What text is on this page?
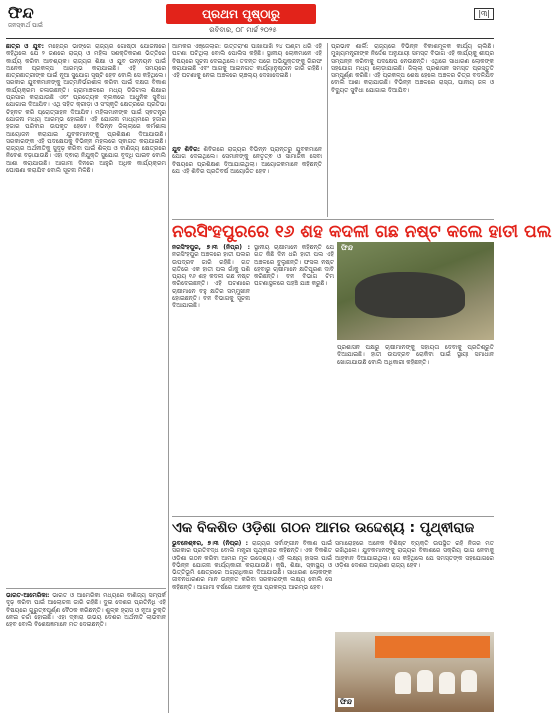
ଫିନ୍ଦ
ଜନସ୍ଵାର୍ଥ ପାଇଁ
ପ୍ରଥମ ପୃଷ୍ଠାରୁ
ରବିବାର, ୦୮ ମାର୍ଚ୍ଚ ୨୦୨୫
|୩|

ଛାତ୍ର ଓ ଯୁବ: ମହେନ୍ଦ୍ର ଭାଙ୍ଗେ ରାଜ୍ୟର ଗୋଷ୍ଠୀ ଯୋଜନାରେ କହିଥିଲେ ଯେ ୨ ଜଣରେ ରାଜ୍ୟ ଓ ମହିଳା ସଶକ୍ତିକରଣ ଭିତ୍ତିରେ କାର୍ଯ୍ୟ କରିବା ଆବଶ୍ୟକ। ରାଜ୍ୟର ଶିକ୍ଷା ଓ ଯୁବ ଉନ୍ନୟନ ପାଇଁ ଅନେକ ପ୍ରକଳ୍ପ ଆରମ୍ଭ କରାଯାଇଛି। ଏହି ସମୟରେ ଛାତ୍ରଛାତ୍ରୀଙ୍କ ପାଇଁ ନୂଆ ସୁଯୋଗ ସୃଷ୍ଟି ହେବ ବୋଲି ସେ କହିଥିଲେ। ସରକାର ଯୁବକମାନଙ୍କୁ ଆତ୍ମନିର୍ଭରଶୀଳ କରିବା ପାଇଁ ଦକ୍ଷତା ବିକାଶ କାର୍ଯ୍ୟକ୍ରମ ଚଳାଉଛନ୍ତି। ଗ୍ରାମାଞ୍ଚଳରେ ମଧ୍ୟ ଡିଜିଟାଲ ଶିକ୍ଷାର ପ୍ରସାର କରାଯାଉଛି ଏବଂ ପ୍ରତ୍ୟେକ ବ୍ଲକରେ ଆଧୁନିକ ସୁବିଧା ଯୋଗାଇ ଦିଆଯିବ। ଏଥି ସହିତ କ୍ରୀଡ଼ା ଓ ସଂସ୍କୃତି କ୍ଷେତ୍ରରେ ପ୍ରତିଭା ଚିହ୍ନଟ କରି ପ୍ରୋତ୍ସାହନ ଦିଆଯିବ। ମହିଳାମାନଙ୍କ ପାଇଁ ସ୍ଵତନ୍ତ୍ର ଯୋଜନା ମଧ୍ୟ ଆରମ୍ଭ ହୋଇଛି। ଏହି ଯୋଜନା ମାଧ୍ୟମରେ ହଜାର ହଜାର ପରିବାର ଉପକୃତ ହେବେ। ବିଭିନ୍ନ ଜିଲ୍ଲାରେ କର୍ମଶାଳା ଆୟୋଜନ କରାଯାଇ ଯୁବକମାନଙ୍କୁ ପ୍ରଶିକ୍ଷଣ ଦିଆଯାଉଛି। ସରକାରଙ୍କ ଏହି ପଦକ୍ଷେପକୁ ବିଭିନ୍ନ ମହଲରେ ସ୍ଵାଗତ କରାଯାଇଛି। ରାଜ୍ୟର ଅର୍ଥନୀତିକୁ ସୁଦୃଢ଼ କରିବା ପାଇଁ ଶିଳ୍ପ ଓ ବାଣିଜ୍ୟ କ୍ଷେତ୍ରରେ ନିବେଶ ବଢ଼ାଯାଉଛି। ଏହା ଦ୍ଵାରା ନିଯୁକ୍ତି ସୁଯୋଗ ବୃଦ୍ଧି ପାଇବ ବୋଲି ଆଶା କରାଯାଉଛି। ଆଗାମୀ ଦିନରେ ଆହୁରି ଅଧିକ କାର୍ଯ୍ୟକ୍ରମ ଘୋଷଣା କରାଯିବ ବୋଲି ସୂଚନା ମିଳିଛି।

ଭାରତ-ଆମେରିକା: ଭାରତ ଓ ଆମେରିକା ମଧ୍ୟରେ ବାଣିଜ୍ୟ ସମ୍ପର୍କ ଦୃଢ଼ କରିବା ପାଇଁ ଆଲୋଚନା ଜାରି ରହିଛି। ଦୁଇ ଦେଶର ପ୍ରତିନିଧି ଏହି ବିଷୟରେ ଗୁରୁତ୍ଵପୂର୍ଣ୍ଣ ବୈଠକ କରିଛନ୍ତି। ଶୁଳ୍କ ହ୍ରାସ ଓ ନୂଆ ଚୁକ୍ତି ନେଇ ଚର୍ଚ୍ଚା ହୋଇଛି। ଏହା ଦ୍ଵାରା ଉଭୟ ଦେଶର ଅର୍ଥନୀତି ଲାଭବାନ ହେବ ବୋଲି ବିଶେଷଜ୍ଞମାନେ ମତ ଦେଇଛନ୍ତି।

ଆମକର ଏଞ୍ଜେଲାର: ଉତ୍ତରାଂଶ ପାଖାପାଖି ୨୪ ଘଣ୍ଟା ଧରି ଏହି ଘଟଣା ଘଟିଥିଲା ବୋଲି ପୋଲିସ କହିଛି। ସ୍ଥାନୀୟ ଲୋକମାନେ ଏହି ବିଷୟରେ ସୂଚନା ଦେଇଥିଲେ। ତଦନ୍ତ ପରେ ଅଭିଯୁକ୍ତଙ୍କୁ ଗିରଫ କରାଯାଇଛି ଏବଂ ଆଗକୁ ଆଇନଗତ କାର୍ଯ୍ୟାନୁଷ୍ଠାନ ଜାରି ରହିଛି। ଏହି ଘଟଣାକୁ ନେଇ ଅଞ୍ଚଳରେ ଚାଞ୍ଚଲ୍ୟ ଦେଖାଦେଇଛି।
ଯୁବ ଶିବିର: ଶିବିରରେ ରାଜ୍ୟର ବିଭିନ୍ନ ପ୍ରାନ୍ତରୁ ଯୁବକମାନେ ଯୋଗ ଦେଇଥିଲେ। ସେମାନଙ୍କୁ ନେତୃତ୍ଵ ଓ ସାମାଜିକ ସେବା ବିଷୟରେ ପ୍ରଶିକ୍ଷଣ ଦିଆଯାଇଥିଲା। ଆୟୋଜକମାନେ କହିଛନ୍ତି ଯେ ଏହି ଶିବିର ପ୍ରତିବର୍ଷ ଆୟୋଜିତ ହେବ।
ପ୍ରଭାବ ଶାର୍ଲି: ରାଜ୍ୟରେ ବିଭିନ୍ନ ବିକାଶମୂଳକ କାର୍ଯ୍ୟ ଚାଲିଛି। ମୁଖ୍ୟମନ୍ତ୍ରୀଙ୍କ ନିର୍ଦ୍ଦେଶ ଅନୁଯାୟୀ ସମସ୍ତ ବିଭାଗ ଏହି କାର୍ଯ୍ୟକୁ ଶୀଘ୍ର ସମ୍ପନ୍ନ କରିବାକୁ ପଦକ୍ଷେପ ନେଉଛନ୍ତି। ଏଥିରେ ସାଧାରଣ ଲୋକଙ୍କ ସହଯୋଗ ମଧ୍ୟ ଲୋଡ଼ାଯାଇଛି। ଜିଲ୍ଲା ପ୍ରଶାସନ ସମସ୍ତ ପ୍ରସ୍ତୁତି ସମ୍ପୂର୍ଣ୍ଣ କରିଛି। ଏହି ପ୍ରକଳ୍ପ ଶେଷ ହେଲେ ଅଞ୍ଚଳର ଚିତ୍ର ବଦଳିଯିବ ବୋଲି ଆଶା କରାଯାଉଛି। ବିଭିନ୍ନ ଅଞ୍ଚଳରେ ରାସ୍ତା, ପାନୀୟ ଜଳ ଓ ବିଦ୍ୟୁତ ସୁବିଧା ଯୋଗାଇ ଦିଆଯିବ।
ନରସିଂହପୁରରେ ୧୬ ଶହ କଦଳୀ ଗଛ ନଷ୍ଟ କଲେ ହାତୀ ପଲ
ନରସିଂହପୁର, ୭।୩ (ନିପ୍ର) : ନରସିଂହପୁର ଅଞ୍ଚଳରେ ହାତୀ ପଲର ଉପଦ୍ରବ ଜାରି ରହିଛି। ଗତ ରାତିରେ ଏକ ହାତୀ ପଲ ଗାଁକୁ ପଶି ପ୍ରାୟ ୧୬ ଶହ କଦଳୀ ଗଛ ନଷ୍ଟ କରିଦେଇଛନ୍ତି। ଏହି ଘଟଣାରେ ଚାଷୀମାନେ ବହୁ କ୍ଷତିର ସମ୍ମୁଖୀନ ହୋଇଛନ୍ତି। ବନ ବିଭାଗକୁ ସୂଚନା ଦିଆଯାଇଛି।
ସ୍ଥାନୀୟ ଚାଷୀମାନେ କହିଛନ୍ତି ଯେ ଗତ କିଛି ଦିନ ଧରି ହାତୀ ପଲ ଏହି ଅଞ୍ଚଳରେ ବୁଲୁଛନ୍ତି। ଫସଲ ନଷ୍ଟ ହେବାରୁ ଚାଷୀମାନେ କ୍ଷତିପୂରଣ ଦାବି କରିଛନ୍ତି। ବନ ବିଭାଗ ଟିମ ଘଟଣାସ୍ଥଳରେ ପହଞ୍ଚି ଯାଞ୍ଚ କରୁଛି।
ଫିନ୍ଦ
ପ୍ରଶାସନ ପକ୍ଷରୁ ଚାଷୀମାନଙ୍କୁ ସହାୟତା ଦେବାକୁ ପ୍ରତିଶ୍ରୁତି ଦିଆଯାଇଛି। ହାତୀ ଉପଦ୍ରବ ରୋକିବା ପାଇଁ ସ୍ଥାୟୀ ସମାଧାନ ଖୋଜାଯାଉଛି ବୋଲି ଅଧିକାରୀ କହିଛନ୍ତି।
ଏକ ବିକଶିତ ଓଡ଼ିଶା ଗଠନ ଆମର ଉଦ୍ଦେଶ୍ୟ : ପୃଥ୍ଵୀରାଜ
ଭୁବନେଶ୍ଵର, ୭।୩ (ନିପ୍ର) : ରାଜ୍ୟର ସର୍ବାଙ୍ଗୀନ ବିକାଶ ପାଇଁ ସରକାର ପ୍ରତିବଦ୍ଧ ବୋଲି ମନ୍ତ୍ରୀ ପୃଥ୍ଵୀରାଜ କହିଛନ୍ତି। ଏକ ବିକଶିତ ଓଡ଼ିଶା ଗଠନ କରିବା ଆମର ମୂଳ ଉଦ୍ଦେଶ୍ୟ। ଏହି ଲକ୍ଷ୍ୟ ହାସଲ ପାଇଁ ବିଭିନ୍ନ ଯୋଜନା କାର୍ଯ୍ୟକାରୀ କରାଯାଉଛି। କୃଷି, ଶିକ୍ଷା, ସ୍ଵାସ୍ଥ୍ୟ ଓ ଭିତ୍ତିଭୂମି କ୍ଷେତ୍ରରେ ଅଗ୍ରାଧିକାର ଦିଆଯାଉଛି। ସାଧାରଣ ଲୋକଙ୍କ ଜୀବନଧାରଣର ମାନ ଉନ୍ନତ କରିବା ସରକାରଙ୍କ ଲକ୍ଷ୍ୟ ବୋଲି ସେ କହିଛନ୍ତି। ଆଗାମୀ ବର୍ଷରେ ଅନେକ ନୂଆ ପ୍ରକଳ୍ପ ଆରମ୍ଭ ହେବ।
ସମାରୋହରେ ଅନେକ ବିଶିଷ୍ଟ ବ୍ୟକ୍ତି ଉପସ୍ଥିତ ରହି ନିଜର ମତ ରଖିଥିଲେ। ଯୁବକମାନଙ୍କୁ ରାଜ୍ୟର ବିକାଶରେ ସକ୍ରିୟ ଭାଗ ନେବାକୁ ଆହ୍ଵାନ ଦିଆଯାଇଥିଲା। ସେ କହିଥିଲେ ଯେ ସମସ୍ତଙ୍କ ସହଯୋଗରେ ଓଡ଼ିଶା ଦେଶର ଅଗ୍ରଣୀ ରାଜ୍ୟ ହେବ।
ଫିନ୍ଦ
